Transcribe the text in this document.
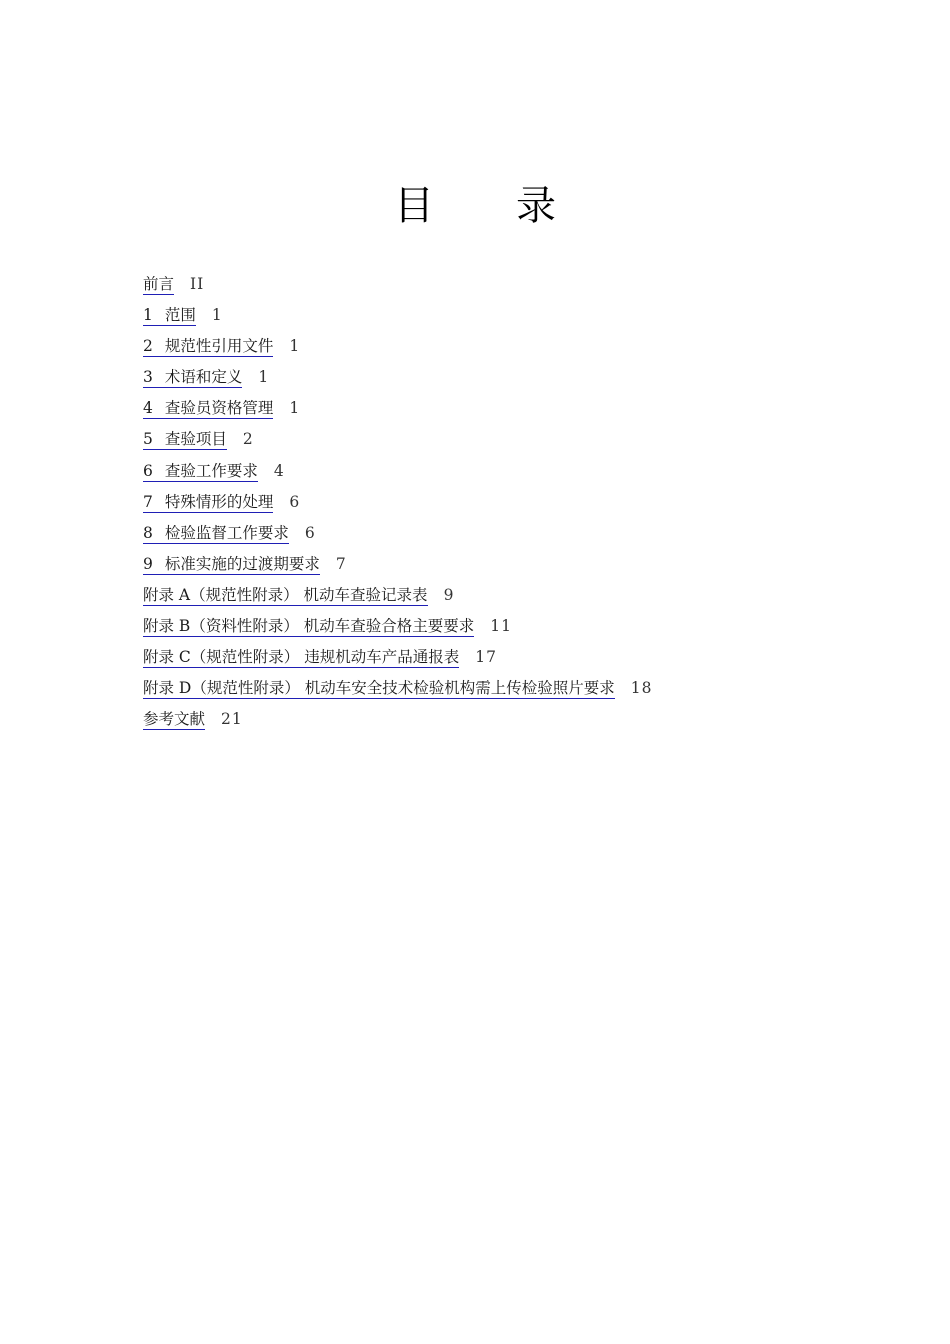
目 录
前言 II
1 范围 1
2 规范性引用文件 1
3 术语和定义 1
4 查验员资格管理 1
5 查验项目 2
6 查验工作要求 4
7 特殊情形的处理 6
8 检验监督工作要求 6
9 标准实施的过渡期要求 7
附录 A（规范性附录） 机动车查验记录表 9
附录 B（资料性附录） 机动车查验合格主要要求 11
附录 C（规范性附录） 违规机动车产品通报表 17
附录 D（规范性附录） 机动车安全技术检验机构需上传检验照片要求 18
参考文献 21
